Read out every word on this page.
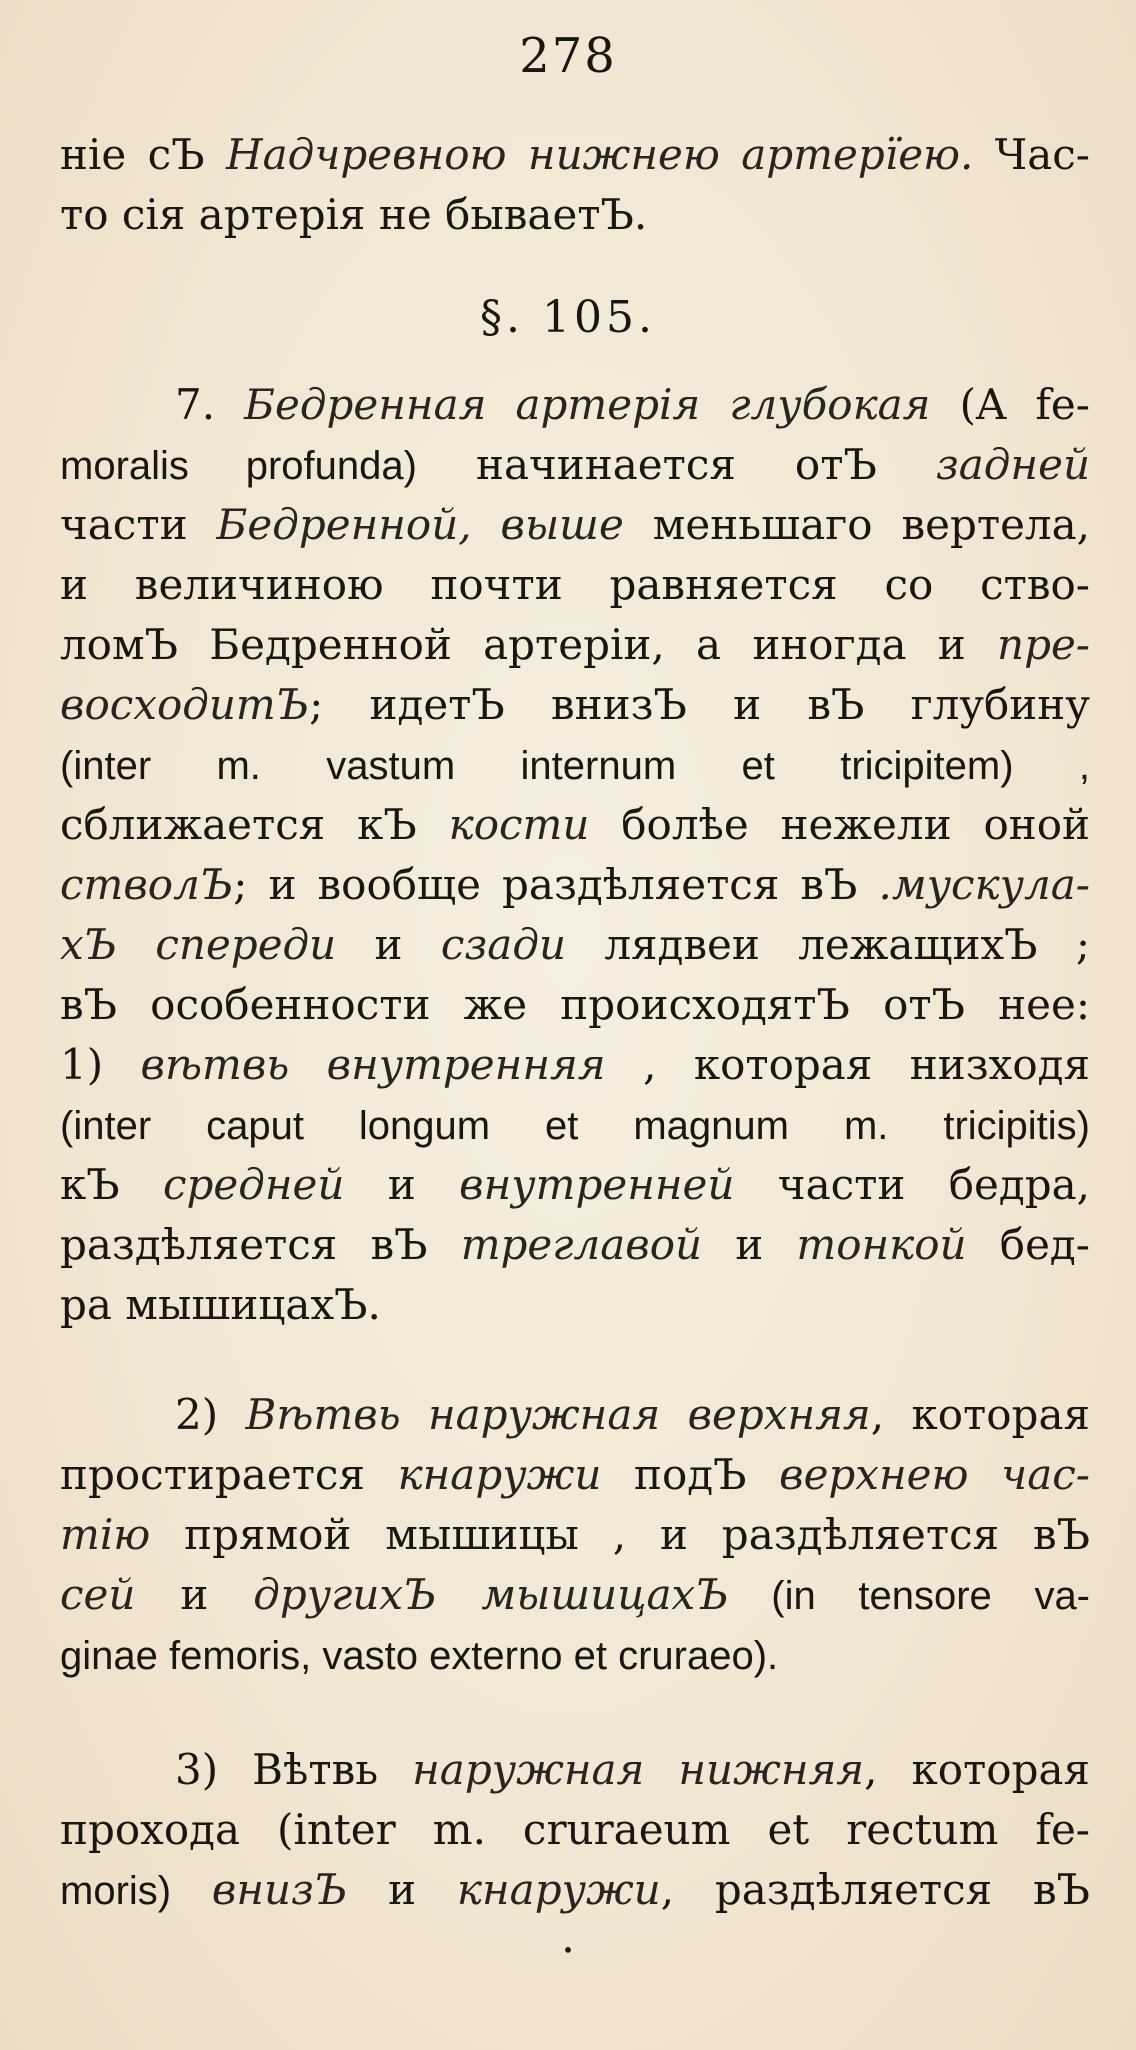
278
ніе сЪ Надчревною нижнею артерїею. Час-
то сія артерія не бываетЪ.
§. 105.
7. Бедренная артерія глубокая (A fe-
moralis profunda) начинается отЪ задней
части Бедренной, выше меньшаго вертела,
и величиною почти равняется со ство-
ломЪ Бедренной артеріи, а иногда и пре-
восходитЪ; идетЪ внизЪ и вЪ глубину
(inter m. vastum internum et tricipitem) ,
сближается кЪ кости болѣе нежели оной
стволЪ; и вообще раздѣляется вЪ .мускула-
хЪ спереди и сзади лядвеи лежащихЪ ;
вЪ особенности же происходятЪ отЪ нее:
1) вѣтвь внутренняя , которая низходя
(inter caput longum et magnum m. tricipitis)
кЪ средней и внутренней части бедра,
раздѣляется вЪ треглавой и тонкой бед-
ра мышицахЪ.
2) Вѣтвь наружная верхняя, которая
простирается кнаружи подЪ верхнею час-
тію прямой мышицы , и раздѣляется вЪ
сей и другихЪ мышицахЪ (in tensore va-
ginae femoris, vasto externo et cruraeo).
3) Вѣтвь наружная нижняя, которая
прохода (inter m. cruraeum et rectum fe-
moris) внизЪ и кнаружи, раздѣляется вЪ
•
